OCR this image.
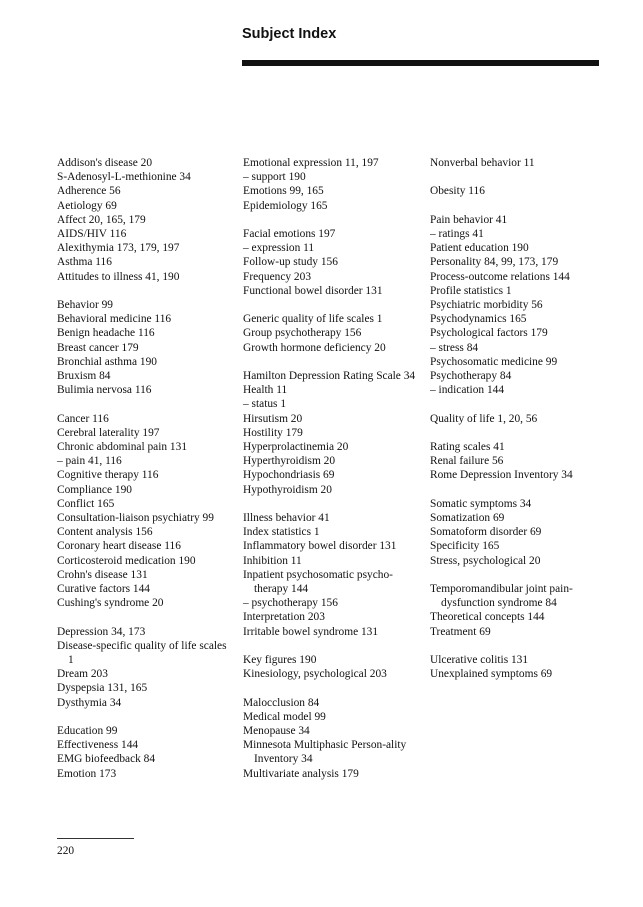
Subject Index
Addison's disease 20
S-Adenosyl-L-methionine 34
Adherence 56
Aetiology 69
Affect 20, 165, 179
AIDS/HIV 116
Alexithymia 173, 179, 197
Asthma 116
Attitudes to illness 41, 190
Behavior 99
Behavioral medicine 116
Benign headache 116
Breast cancer 179
Bronchial asthma 190
Bruxism 84
Bulimia nervosa 116
Cancer 116
Cerebral laterality 197
Chronic abdominal pain 131
– pain 41, 116
Cognitive therapy 116
Compliance 190
Conflict 165
Consultation-liaison psychiatry 99
Content analysis 156
Coronary heart disease 116
Corticosteroid medication 190
Crohn's disease 131
Curative factors 144
Cushing's syndrome 20
Depression 34, 173
Disease-specific quality of life scales 1
Dream 203
Dyspepsia 131, 165
Dysthymia 34
Education 99
Effectiveness 144
EMG biofeedback 84
Emotion 173
Emotional expression 11, 197
– support 190
Emotions 99, 165
Epidemiology 165
Facial emotions 197
– expression 11
Follow-up study 156
Frequency 203
Functional bowel disorder 131
Generic quality of life scales 1
Group psychotherapy 156
Growth hormone deficiency 20
Hamilton Depression Rating Scale 34
Health 11
– status 1
Hirsutism 20
Hostility 179
Hyperprolactinemia 20
Hyperthyroidism 20
Hypochondriasis 69
Hypothyroidism 20
Illness behavior 41
Index statistics 1
Inflammatory bowel disorder 131
Inhibition 11
Inpatient psychosomatic psycho-therapy 144
– psychotherapy 156
Interpretation 203
Irritable bowel syndrome 131
Key figures 190
Kinesiology, psychological 203
Malocclusion 84
Medical model 99
Menopause 34
Minnesota Multiphasic Person-ality Inventory 34
Multivariate analysis 179
Nonverbal behavior 11
Obesity 116
Pain behavior 41
– ratings 41
Patient education 190
Personality 84, 99, 173, 179
Process-outcome relations 144
Profile statistics 1
Psychiatric morbidity 56
Psychodynamics 165
Psychological factors 179
– stress 84
Psychosomatic medicine 99
Psychotherapy 84
– indication 144
Quality of life 1, 20, 56
Rating scales 41
Renal failure 56
Rome Depression Inventory 34
Somatic symptoms 34
Somatization 69
Somatoform disorder 69
Specificity 165
Stress, psychological 20
Temporomandibular joint pain-dysfunction syndrome 84
Theoretical concepts 144
Treatment 69
Ulcerative colitis 131
Unexplained symptoms 69
220
